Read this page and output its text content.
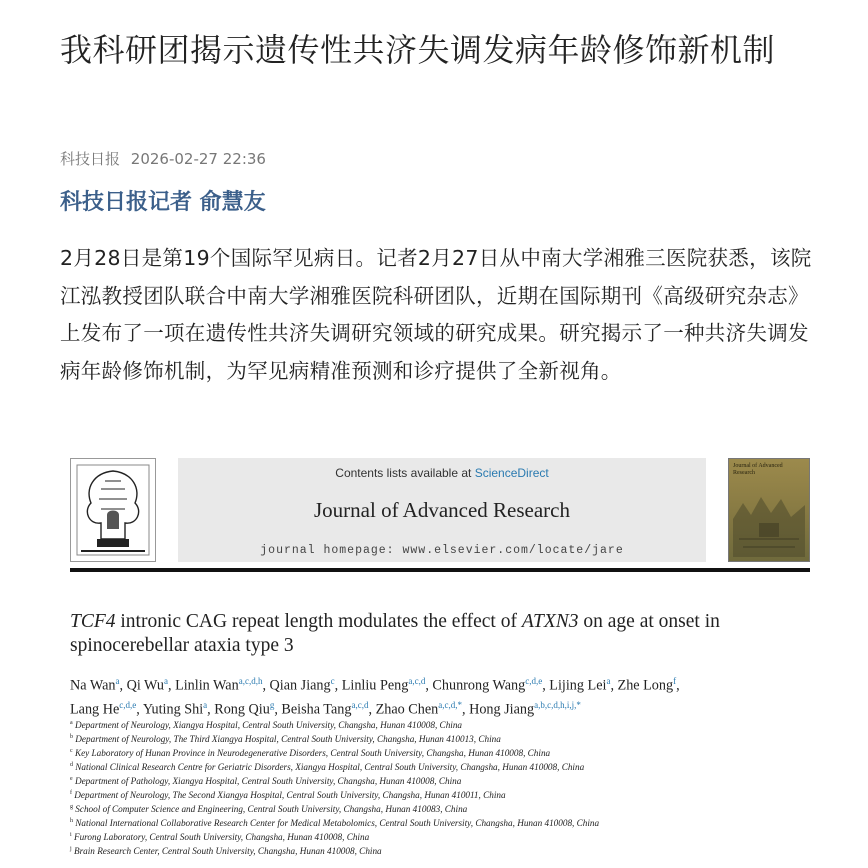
我科研团揭示遗传性共济失调发病年龄修饰新机制
科技日报 2026-02-27 22:36
科技日报记者 俞慧友

2月28日是第19个国际罕见病日。记者2月27日从中南大学湘雅三医院获悉，该院江泓教授团队联合中南大学湘雅医院科研团队，近期在国际期刊《高级研究杂志》上发布了一项在遗传性共济失调研究领域的研究成果。研究揭示了一种共济失调发病年龄修饰机制，为罕见病精准预测和诊疗提供了全新视角。

Contents lists available at ScienceDirect
Journal of Advanced Research
journal homepage: www.elsevier.com/locate/jare
Journal of Advanced Research
TCF4 intronic CAG repeat length modulates the effect of ATXN3 on age at onset in spinocerebellar ataxia type 3
Na Wan$^a$, Qi Wu$^a$, Linlin Wan$^{a,c,d,h}$, Qian Jiang$^c$, Linliu Peng$^{a,c,d}$, Chunrong Wang$^{c,d,e}$, Lijing Lei$^a$, Zhe Long$^f$,
Lang He$^{c,d,e}$, Yuting Shi$^a$, Rong Qiu$^g$, Beisha Tang$^{a,c,d}$, Zhao Chen$^{a,c,d,*}$, Hong Jiang$^{a,b,c,d,h,i,j,*}$
$^a$ Department of Neurology, Xiangya Hospital, Central South University, Changsha, Hunan 410008, China
$^b$ Department of Neurology, The Third Xiangya Hospital, Central South University, Changsha, Hunan 410013, China
$^c$ Key Laboratory of Hunan Province in Neurodegenerative Disorders, Central South University, Changsha, Hunan 410008, China
$^d$ National Clinical Research Centre for Geriatric Disorders, Xiangya Hospital, Central South University, Changsha, Hunan 410008, China
$^e$ Department of Pathology, Xiangya Hospital, Central South University, Changsha, Hunan 410008, China
$^f$ Department of Neurology, The Second Xiangya Hospital, Central South University, Changsha, Hunan 410011, China
$^g$ School of Computer Science and Engineering, Central South University, Changsha, Hunan 410083, China
$^h$ National International Collaborative Research Center for Medical Metabolomics, Central South University, Changsha, Hunan 410008, China
$^i$ Furong Laboratory, Central South University, Changsha, Hunan 410008, China
$^j$ Brain Research Center, Central South University, Changsha, Hunan 410008, China
